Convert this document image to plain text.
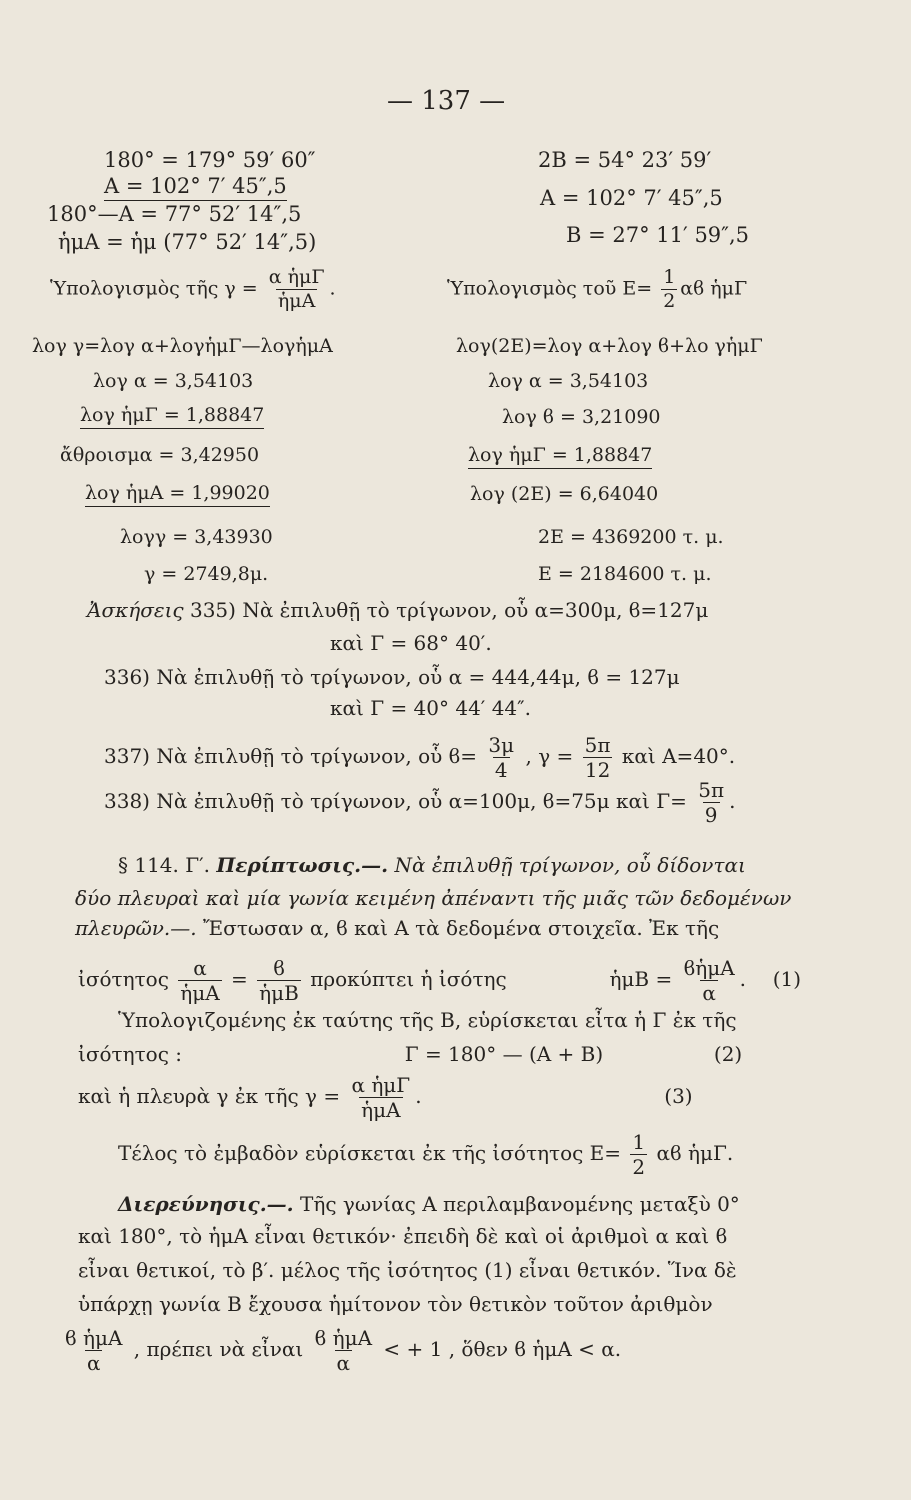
— 137 —
180° = 179° 59′ 60″
A = 102° 7′ 45″,5
180°—A = 77° 52′ 14″,5
ἡμA = ἡμ (77° 52′ 14″,5)
Ὑπολογισμὸς τῆς γ =
α ἡμΓ
ἡμA
.
λογ γ=λογ α+λογἡμΓ—λογἡμA
λογ α = 3,54103
λογ ἡμΓ = 1,88847
ἄθροισμα = 3,42950
λογ ἡμA = 1,99020
λογγ = 3,43930
γ = 2749,8μ.
2B = 54° 23′ 59′
A = 102° 7′ 45″,5
B = 27° 11′ 59″,5
Ὑπολογισμὸς τοῦ $E= \frac{1}{2}$ αϐ ἡμΓ
λογ(2E)=λογ α+λογ ϐ+λο γἡμΓ
λογ α = 3,54103
λογ ϐ = 3,21090
λογ ἡμΓ = 1,88847
λογ (2E) = 6,64040
2E = 4369200 τ. μ.
E = 2184600 τ. μ.
Ἀσκήσεις 335) Νὰ ἐπιλυθῇ τὸ τρίγωνον, οὗ α=300μ, ϐ=127μ
καὶ Γ = 68° 40′.
336) Νὰ ἐπιλυθῇ τὸ τρίγωνον, οὗ α = 444,44μ, ϐ = 127μ
καὶ Γ = 40° 44′ 44″.
337) Νὰ ἐπιλυθῇ τὸ τρίγωνον, οὗ $ϐ= \frac{3\mu}{4}$ , $\gamma = \frac{5\pi}{12}$ καὶ A=40°.
338) Νὰ ἐπιλυθῇ τὸ τρίγωνον, οὗ α=100μ, ϐ=75μ καὶ $\Gamma= \frac{5\pi}{9}$ .
§ 114. Γ′. Περίπτωσις.—. Νὰ ἐπιλυθῇ τρίγωνον, οὗ δίδονται
δύο πλευραὶ καὶ μία γωνία κειμένη ἀπέναντι τῆς μιᾶς τῶν δεδομένων
πλευρῶν.—. Ἔστωσαν α, ϐ καὶ A τὰ δεδομένα στοιχεῖα. Ἐκ τῆς
ἰσότητος α
ἡμA
= ϐ
ἡμB
προκύπτει ἡ ἰσότης	ἡμB = ϐἡμA
α
. (1)
Ὑπολογιζομένης ἐκ ταύτης τῆς B, εὑρίσκεται εἶτα ἡ Γ ἐκ τῆς
ἰσότητος :	Γ = 180° — (A + B)	(2)
καὶ ἡ πλευρὰ γ ἐκ τῆς γ = α ἡμΓ
ἡμA
.	(3)
Τέλος τὸ ἐμβαδὸν εὑρίσκεται ἐκ τῆς ἰσότητος $E= \frac{1}{2}$ αϐ ἡμΓ.
Διερεύνησις.—. Τῆς γωνίας A περιλαμβανομένης μεταξὺ 0°
καὶ 180°, τὸ ἡμA εἶναι θετικόν· ἐπειδὴ δὲ καὶ οἱ ἀριθμοὶ α καὶ ϐ
εἶναι θετικοί, τὸ β′. μέλος τῆς ἰσότητος (1) εἶναι θετικόν. Ἵνα δὲ
ὑπάρχῃ γωνία B ἔχουσα ἡμίτονον τὸν θετικὸν τοῦτον ἀριθμὸν
ϐ ἡμA
α
, πρέπει νὰ εἶναι ϐ ἡμA
α
< + 1 , ὅθεν ϐ ἡμA < α.
